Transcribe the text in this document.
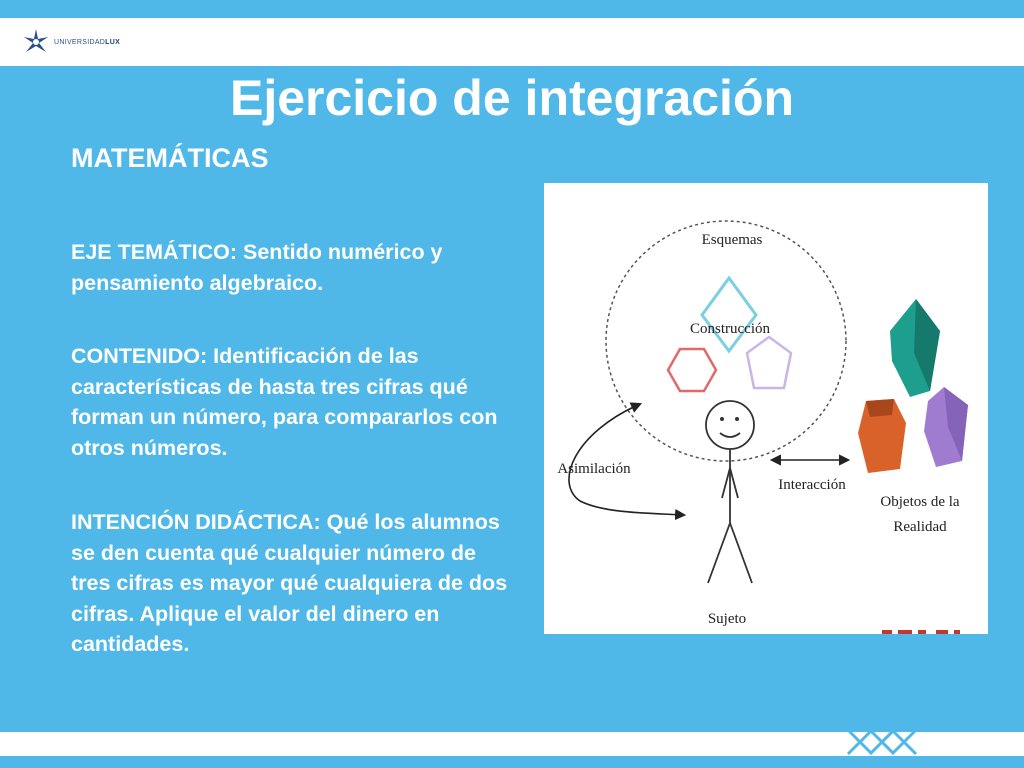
UNIVERSIDADLUX
Ejercicio de integración
MATEMÁTICAS

EJE TEMÁTICO: Sentido numérico y pensamiento algebraico.

CONTENIDO: Identificación de las características de hasta tres cifras qué forman un número, para compararlos con otros números.

INTENCIÓN DIDÁCTICA: Qué los alumnos se den cuenta qué cualquier número de tres cifras es mayor qué cualquiera de dos cifras. Aplique el valor del dinero en cantidades.

Esquemas
Construcción
Sujeto
Asimilación
Interacción
Objetos de la
Realidad
